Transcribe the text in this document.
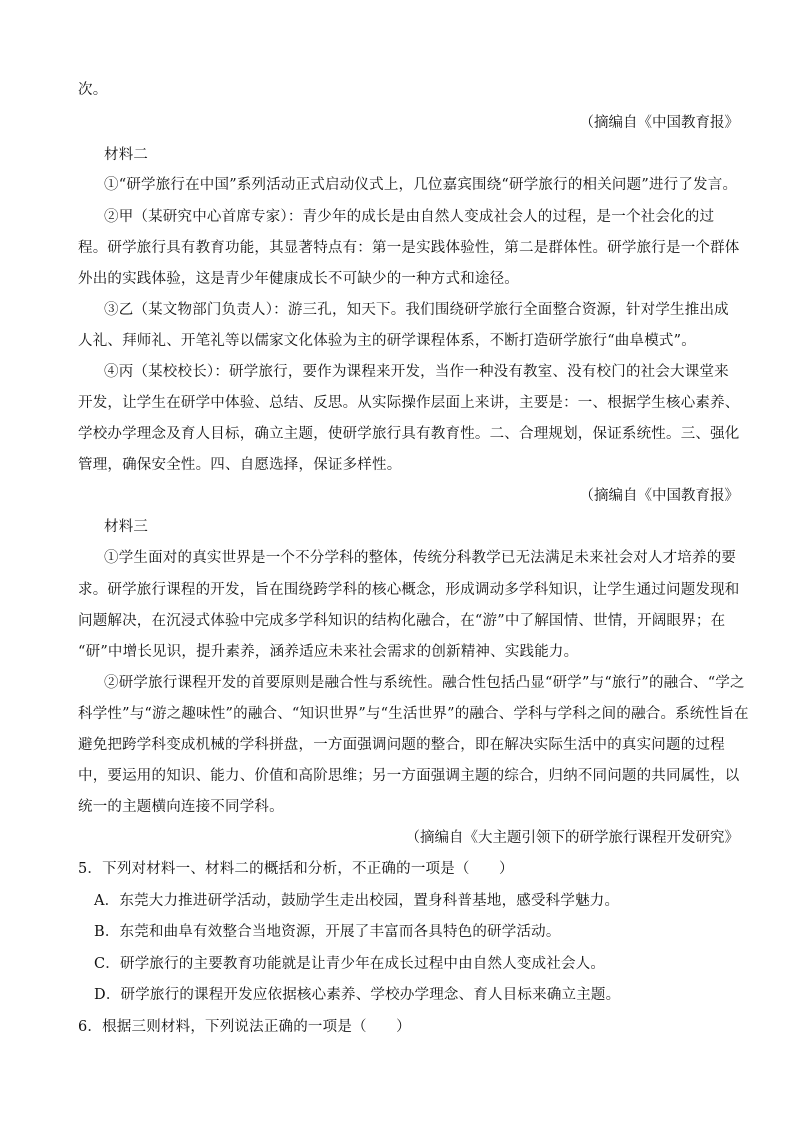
次。
（摘编自《中国教育报》
材料二
①“研学旅行在中国”系列活动正式启动仪式上，几位嘉宾围绕“研学旅行的相关问题”进行了发言。
②甲（某研究中心首席专家）：青少年的成长是由自然人变成社会人的过程，是一个社会化的过
程。研学旅行具有教育功能，其显著特点有：第一是实践体验性，第二是群体性。研学旅行是一个群体
外出的实践体验，这是青少年健康成长不可缺少的一种方式和途径。
③乙（某文物部门负责人）：游三孔，知天下。我们围绕研学旅行全面整合资源，针对学生推出成
人礼、拜师礼、开笔礼等以儒家文化体验为主的研学课程体系，不断打造研学旅行“曲阜模式”。
④丙（某校校长）：研学旅行，要作为课程来开发，当作一种没有教室、没有校门的社会大课堂来
开发，让学生在研学中体验、总结、反思。从实际操作层面上来讲，主要是：一、根据学生核心素养、
学校办学理念及育人目标，确立主题，使研学旅行具有教育性。二、合理规划，保证系统性。三、强化
管理，确保安全性。四、自愿选择，保证多样性。
（摘编自《中国教育报》
材料三
①学生面对的真实世界是一个不分学科的整体，传统分科教学已无法满足未来社会对人才培养的要
求。研学旅行课程的开发，旨在围绕跨学科的核心概念，形成调动多学科知识，让学生通过问题发现和
问题解决，在沉浸式体验中完成多学科知识的结构化融合，在“游”中了解国情、世情，开阔眼界；在
“研”中增长见识，提升素养，涵养适应未来社会需求的创新精神、实践能力。
②研学旅行课程开发的首要原则是融合性与系统性。融合性包括凸显“研学”与“旅行”的融合、“学之
科学性”与“游之趣味性”的融合、“知识世界”与“生活世界”的融合、学科与学科之间的融合。系统性旨在
避免把跨学科变成机械的学科拼盘，一方面强调问题的整合，即在解决实际生活中的真实问题的过程
中，要运用的知识、能力、价值和高阶思维；另一方面强调主题的综合，归纳不同问题的共同属性，以
统一的主题横向连接不同学科。
（摘编自《大主题引领下的研学旅行课程开发研究》
5．下列对材料一、材料二的概括和分析，不正确的一项是（　　）
A．东莞大力推进研学活动，鼓励学生走出校园，置身科普基地，感受科学魅力。
B．东莞和曲阜有效整合当地资源，开展了丰富而各具特色的研学活动。
C．研学旅行的主要教育功能就是让青少年在成长过程中由自然人变成社会人。
D．研学旅行的课程开发应依据核心素养、学校办学理念、育人目标来确立主题。
6．根据三则材料，下列说法正确的一项是（　　）
